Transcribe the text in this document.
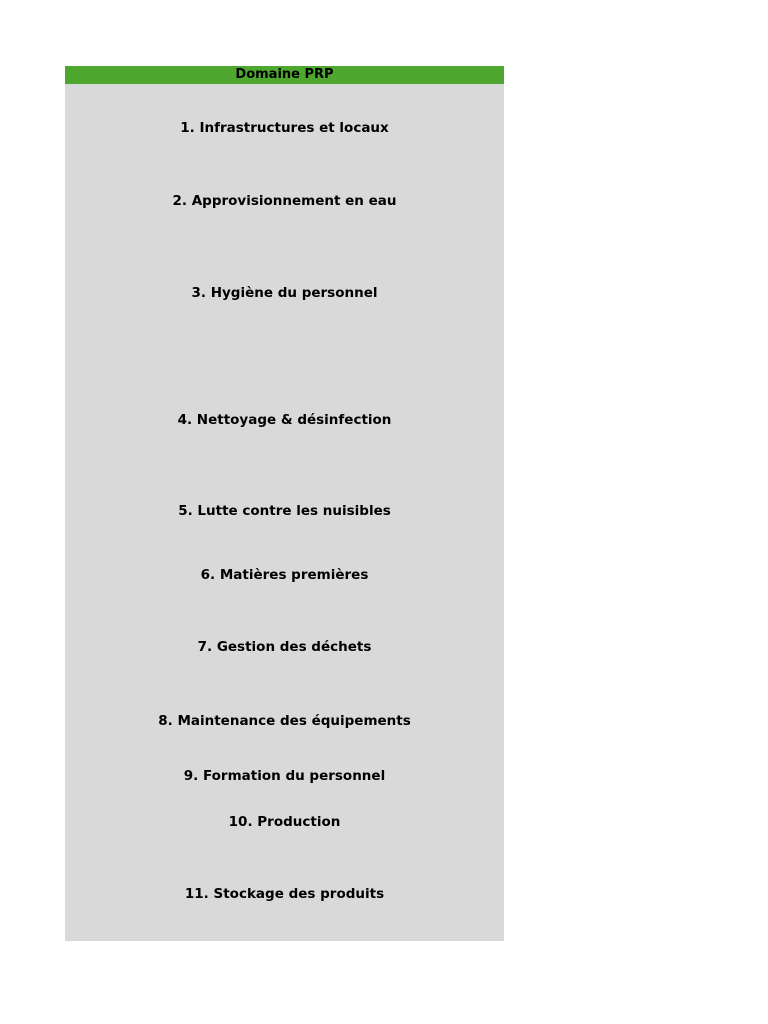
Domaine PRP
1. Infrastructures et locaux
2. Approvisionnement en eau
3. Hygiène du personnel
4. Nettoyage & désinfection
5. Lutte contre les nuisibles
6. Matières premières
7. Gestion des déchets
8. Maintenance des équipements
9. Formation du personnel
10. Production
11. Stockage des produits
